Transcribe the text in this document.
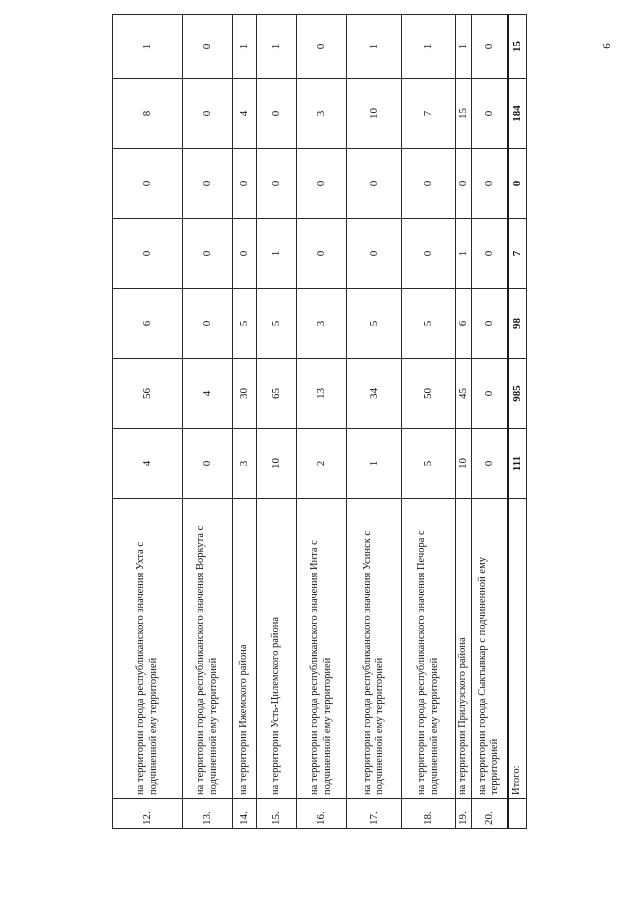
9
12.	на территории города республиканского значения Ухта с подчиненной ему территорией	4	56	6	0	0	8	1
13.	на территории города республиканского значения Воркута с подчиненной ему территорией	0	4	0	0	0	0	0
14.	на территории Ижемского района	3	30	5	0	0	4	1
15.	на территории Усть-Цилемского района	10	65	5	1	0	0	1
16.	на территории города республиканского значения Инта с подчиненной ему территорией	2	13	3	0	0	3	0
17.	на территории города республиканского значения Усинск с подчиненной ему территорией	1	34	5	0	0	10	1
18.	на территории города республиканского значения Печора с подчиненной ему территорией	5	50	5	0	0	7	1
19.	на территории Прилузского района	10	45	6	1	0	15	1
20.	на территории города Сыктывкар с подчиненной ему территорией	0	0	0	0	0	0	0
	Итого:	111	985	98	7	0	184	15
